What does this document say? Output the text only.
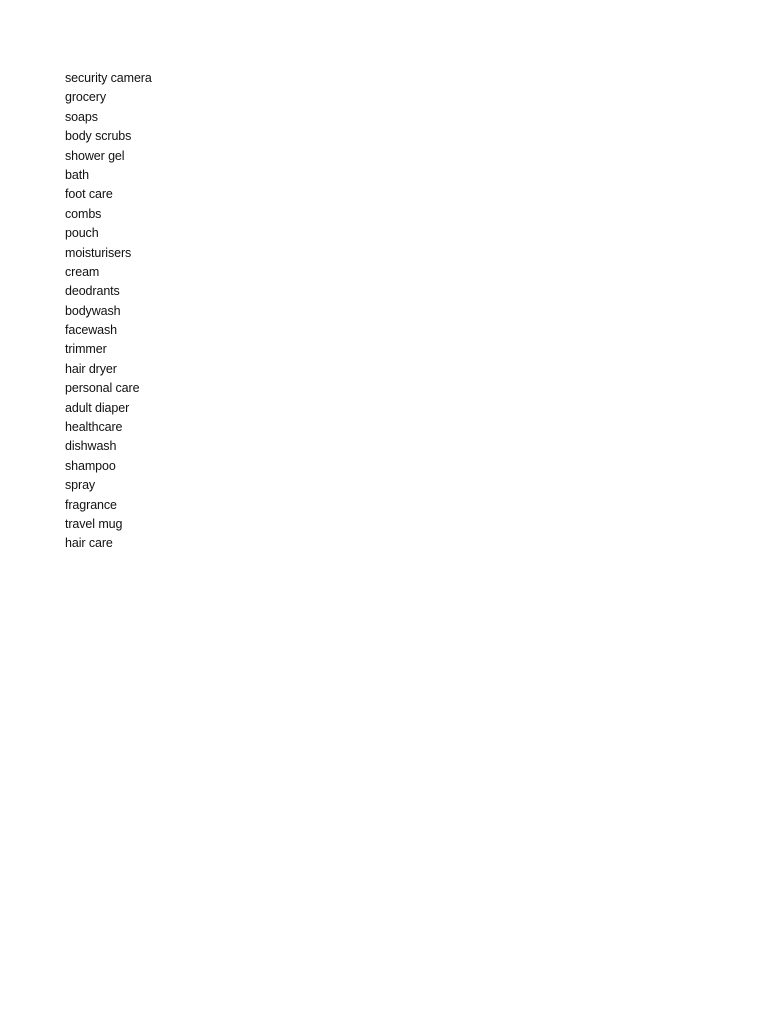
security camera
grocery
soaps
body scrubs
shower gel
bath
foot care
combs
pouch
moisturisers
cream
deodrants
bodywash
facewash
trimmer
hair dryer
personal care
adult diaper
healthcare
dishwash
shampoo
spray
fragrance
travel mug
hair care
